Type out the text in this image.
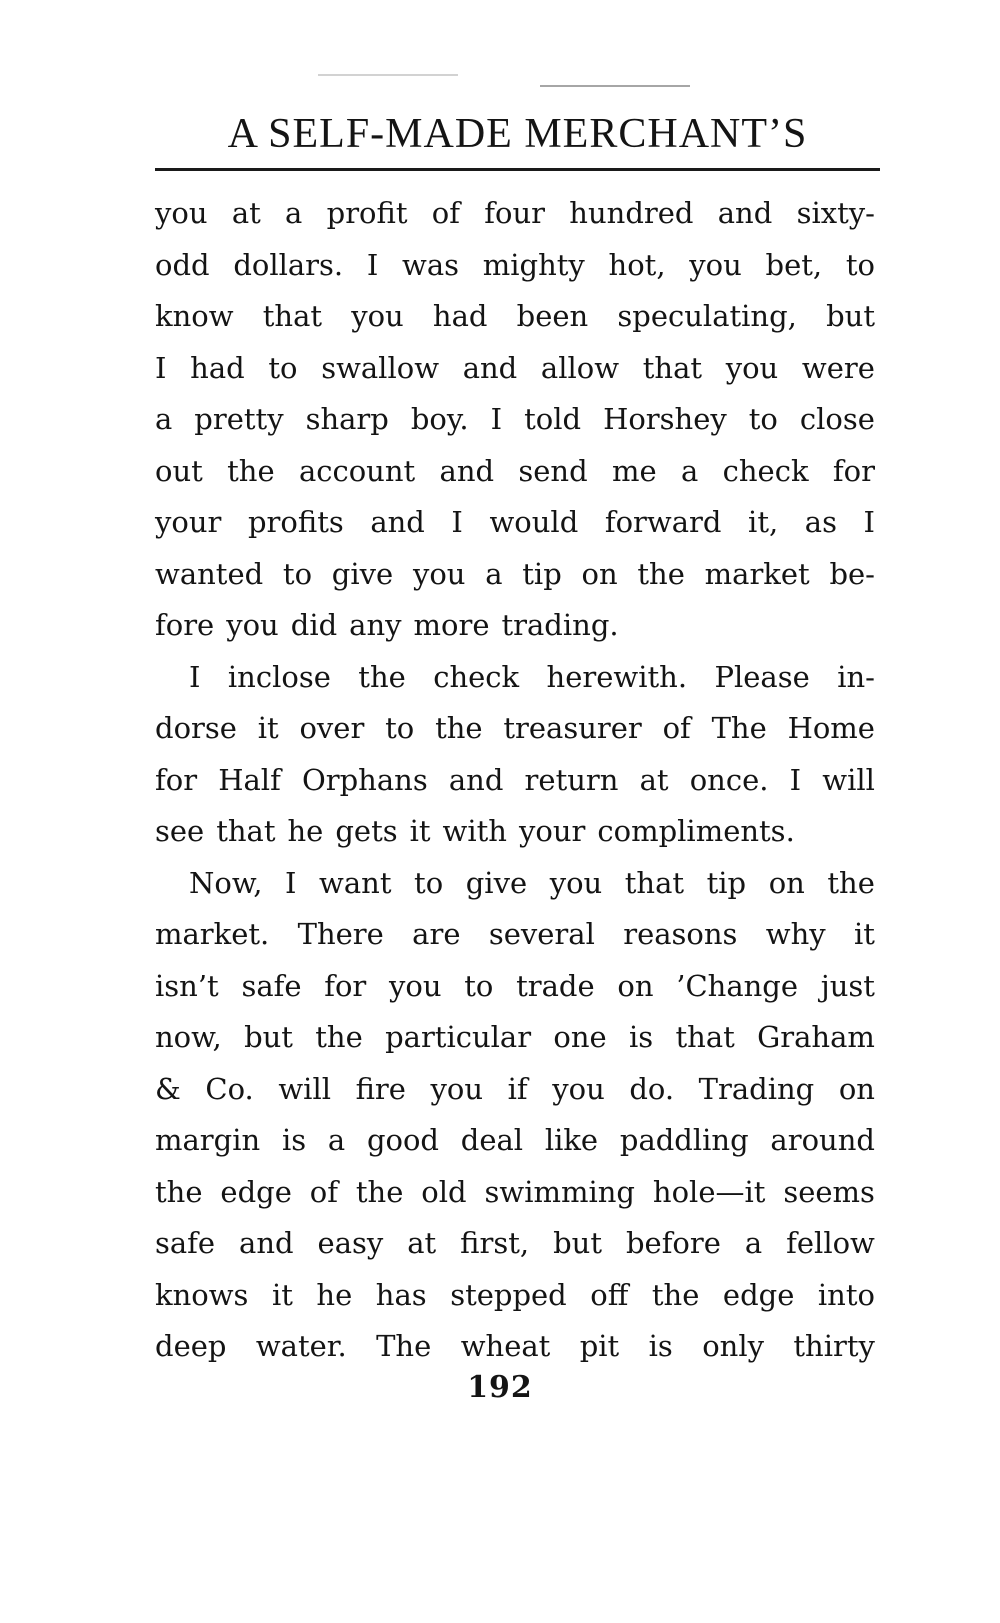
A SELF-MADE MERCHANT’S
you at a profit of four hundred and sixty-
odd dollars. I was mighty hot, you bet, to
know that you had been speculating, but
I had to swallow and allow that you were
a pretty sharp boy. I told Horshey to close
out the account and send me a check for
your profits and I would forward it, as I
wanted to give you a tip on the market be-
fore you did any more trading.
I inclose the check herewith. Please in-
dorse it over to the treasurer of The Home
for Half Orphans and return at once. I will
see that he gets it with your compliments.
Now, I want to give you that tip on the
market. There are several reasons why it
isn’t safe for you to trade on ’Change just
now, but the particular one is that Graham
& Co. will fire you if you do. Trading on
margin is a good deal like paddling around
the edge of the old swimming hole—it seems
safe and easy at first, but before a fellow
knows it he has stepped off the edge into
deep water. The wheat pit is only thirty
192
